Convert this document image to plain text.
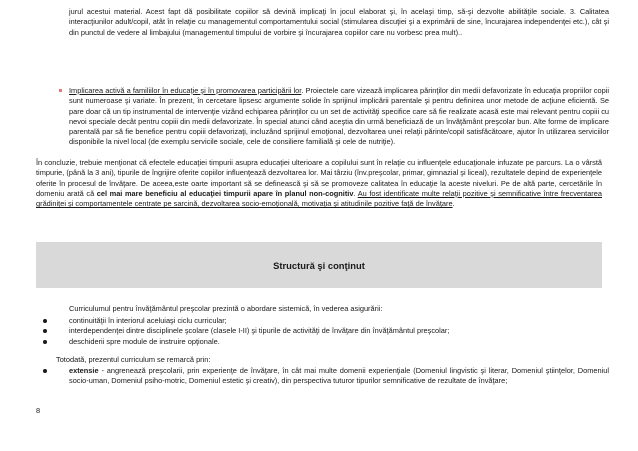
jurul acestui material. Acest fapt dă posibilitate copiilor să devină implicaţi în jocul elaborat şi, în acelaşi timp, să-şi dezvolte abilităţile sociale. 3. Calitatea interacţiunilor adult/copil, atât în relaţie cu managementul comportamentului social (stimularea discuţiei şi a exprimării de sine, încurajarea independenţei etc.), cât şi din punctul de vedere al limbajului (managementul timpului de vorbire şi încurajarea copiilor care nu vorbesc prea mult)..

Implicarea activă a familiilor în educaţie şi în promovarea participării lor. Proiectele care vizează implicarea părinţilor din medii defavorizate în educaţia propriilor copii sunt numeroase şi variate. În prezent, în cercetare lipsesc argumente solide în sprijinul implicării parentale şi pentru definirea unor metode de acţiune eficientă. Se pare doar că un tip instrumental de intervenţie vizând echiparea părinţilor cu un set de activităţi specifice care să fie realizate acasă este mai relevant pentru copiii cu nevoi speciale decât pentru copiii din medii defavorizate. În special atunci când aceştia din urmă beneficiază de un învăţământ preşcolar bun. Alte forme de implicare parentală par să fie benefice pentru copiii defavorizaţi, incluzând sprijinul emoţional, dezvoltarea unei relaţii părinte/copil satisfăcătoare, ajutor în utilizarea serviciilor disponibile la nivel local (de exemplu servicile sociale, cele de consiliere familială şi cele de nutriţie).

În concluzie, trebuie menţionat că efectele educaţiei timpurii asupra educaţiei ulterioare a copilului sunt în relaţie cu influenţele educaţionale infuzate pe parcurs. La o vârstă timpurie, (până la 3 ani), tipurile de îngrijire oferite copiilor influenţează dezvoltarea lor. Mai târziu (înv.preşcolar, primar, gimnazial şi liceal), rezultatele depind de experienţele oferite în procesul de învăţare. De aceea,este oarte important să se definească şi să se promoveze calitatea în educaţie la aceste niveluri. Pe de altă parte, cercetările în domeniu arată că cel mai mare beneficiu al educaţiei timpurii apare în planul non-cognitiv. Au fost identificate multe relaţii pozitive şi semnificative între frecventarea grădiniţei şi comportamentele centrate pe sarcină, dezvoltarea socio-emoţională, motivaţia şi atitudinile pozitive faţă de învăţare.

Structură şi conţinut

Curriculumul pentru învăţământul preşcolar prezintă o abordare sistemică, în vederea asigurării:

continuităţii în interiorul aceluiaşi ciclu curricular;
interdependenţei dintre disciplinele şcolare (clasele I-II) şi tipurile de activităţi de învăţare din învăţământul preşcolar;
deschiderii spre module de instruire opţionale.

Totodată, prezentul curriculum se remarcă prin:

extensie - angrenează preşcolarii, prin experienţe de învăţare, în cât mai multe domenii experienţiale (Domeniul lingvistic şi literar, Domeniul ştiinţelor, Domeniul socio-uman, Domeniul psiho-motric, Domeniul estetic şi creativ), din perspectiva tuturor tipurilor semnificative de rezultate de învăţare;
8
